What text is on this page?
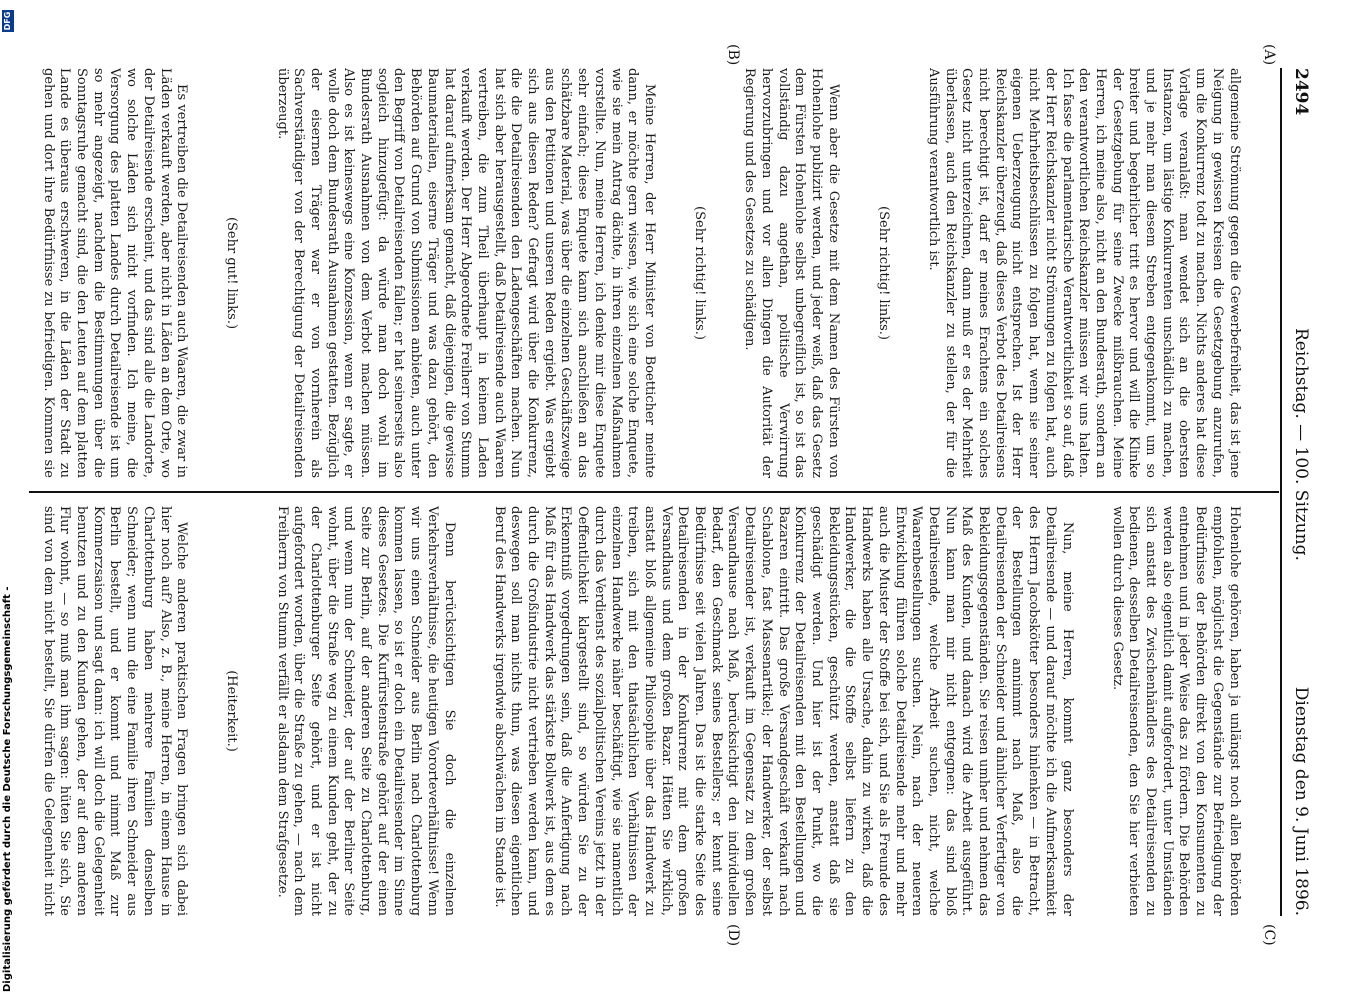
2494
Reichstag. — 100. Sitzung.
Dienstag den 9. Juni 1896.
(A)
(B)
(C)
(D)

allgemeine Strömung gegen die Gewerbefreiheit, das ist jene Neigung in gewissen Kreisen die Gesetzgebung anzurufen, um die Konkurrenz todt zu machen. Nichts anderes hat diese Vorlage veranlaßt: man wendet sich an die obersten Instanzen, um lästige Konkurrenten unschädlich zu machen, und je mehr man diesem Streben entgegenkommt, um so breiter und begehrlicher tritt es hervor und will die Klinke der Gesetzgebung für seine Zwecke mißbrauchen. Meine Herren, ich meine also, nicht an den Bundesrath, sondern an den verantwortlichen Reichskanzler müssen wir uns halten. Ich fasse die parlamentarische Verantwortlichkeit so auf, daß der Herr Reichskanzler nicht Strömungen zu folgen hat, auch nicht Mehrheitsbeschlüssen zu folgen hat, wenn sie seiner eigenen Ueberzeugung nicht entsprechen. Ist der Herr Reichskanzler überzeugt, daß dieses Verbot des Detailreisens nicht berechtigt ist, darf er meines Erachtens ein solches Gesetz nicht unterzeichnen, dann muß er es der Mehrheit überlassen, auch den Reichskanzler zu stellen, der für die Ausführung verantwortlich ist.

(Sehr richtig! links.)

Wenn aber die Gesetze mit dem Namen des Fürsten von Hohenlohe publizirt werden, und jeder weiß, daß das Gesetz dem Fürsten Hohenlohe selbst unbegreiflich ist, so ist das vollständig dazu angethan, politische Verwirrung hervorzubringen und vor allen Dingen die Autorität der Regierung und des Gesetzes zu schädigen.

(Sehr richtig! links.)

Meine Herren, der Herr Minister von Boetticher meinte dann, er möchte gern wissen, wie sich eine solche Enquete, wie sie mein Antrag dächte, in ihren einzelnen Maßnahmen vorstellte. Nun, meine Herren, ich denke mir diese Enquete sehr einfach; diese Enquete kann sich anschließen an das schätzbare Material, was über die einzelnen Geschäftszweige aus den Petitionen und unseren Reden ergiebt. Was ergiebt sich aus diesen Reden? Gefragt wird über die Konkurrenz, die die Detailreisenden den Ladengeschäften machen. Nun hat sich aber herausgestellt, daß Detailreisende auch Waaren vertreiben, die zum Theil überhaupt in keinem Laden verkauft werden. Der Herr Abgeordnete Freiherr von Stumm hat darauf aufmerksam gemacht, daß diejenigen, die gewisse Baumaterialien, eiserne Träger und was dazu gehört, den Behörden auf Grund von Submissionen anbieten, auch unter den Begriff von Detailreisenden fallen; er hat seinerseits also sogleich hinzugefügt: da würde man doch wohl im Bundesrath Ausnahmen von dem Verbot machen müssen. Also es ist keineswegs eine Konzession, wenn er sagte, er wolle doch dem Bundesrath Ausnahmen gestatten. Bezüglich der eisernen Träger war er von vornherein als Sachverständiger von der Berechtigung der Detailreisenden überzeugt.

(Sehr gut! links.)

Es vertreiben die Detailreisenden auch Waaren, die zwar in Läden verkauft werden, aber nicht in Läden an dem Orte, wo der Detailreisende erscheint, und das sind alle die Landorte, wo solche Läden sich nicht vorfinden. Ich meine, die Versorgung des platten Landes durch Detailreisende ist um so mehr angezeigt, nachdem die Bestimmungen über die Sonntagsruhe gemacht sind, die den Leuten auf dem platten Lande es überaus erschweren, in die Läden der Stadt zu gehen und dort ihre Bedürfnisse zu befriedigen. Kommen sie

Hohenlohe gehören, haben ja unlängst noch allen Behörden empfohlen, möglichst die Gegenstände zur Befriedigung der Bedürfnisse der Behörden direkt von den Konsumenten zu entnehmen und in jeder Weise das zu fördern. Die Behörden werden also eigentlich damit aufgefordert, unter Umständen sich anstatt des Zwischenhändlers des Detailreisenden zu bedienen, desselben Detailreisenden, den Sie hier verbieten wollen durch dieses Gesetz.

Nun, meine Herren, kommt ganz besonders der Detailreisende — und darauf möchte ich die Aufmerksamkeit des Herrn Jacobskötter besonders hinlenken — in Betracht, der Bestellungen annimmt nach Maß, also die Detailreisenden der Schneider und ähnlicher Verfertiger von Bekleidungsgegenständen. Sie reisen umher und nehmen das Maß des Kunden, und danach wird die Arbeit ausgeführt. Nun kann man mir nicht entgegnen: das sind bloß Detailreisende, welche Arbeit suchen, nicht, welche Waarenbestellungen suchen. Nein, nach der neueren Entwicklung führen solche Detailreisende mehr und mehr auch die Muster der Stoffe bei sich, und Sie als Freunde des Handwerks haben alle Ursache, dahin zu wirken, daß die Handwerker, die die Stoffe selbst liefern zu den Bekleidungsstücken, geschützt werden, anstatt daß sie geschädigt werden. Und hier ist der Punkt, wo die Konkurrenz der Detailreisenden mit den Bestellungen und Bazaren eintritt. Das große Versandgeschäft verkauft nach Schablone, fast Massenartikel; der Handwerker, der selbst Detailreisender ist, verkauft im Gegensatz zu dem großen Versandhause nach Maß, berücksichtigt den individuellen Bedarf, den Geschmack seines Bestellers; er kennt seine Bedürfnisse seit vielen Jahren. Das ist die starke Seite des Detailreisenden in der Konkurrenz mit dem großen Versandhaus und dem großen Bazar. Hätten Sie wirklich, anstatt bloß allgemeine Philosophie über das Handwerk zu treiben, sich mit den thatsächlichen Verhältnissen der einzelnen Handwerke näher beschäftigt, wie sie namentlich durch das Verdienst des sozialpolitischen Vereins jetzt in der Oeffentlichkeit klargestellt sind, so würden Sie zu der Erkenntniß vorgedrungen sein, daß die Anfertigung nach Maß für das Handwerk das stärkste Bollwerk ist, aus dem es durch die Großindustrie nicht vertrieben werden kann, und deswegen soll man nichts thun, was diesen eigentlichen Beruf des Handwerks irgendwie abschwächen im Stande ist.

Denn berücksichtigen Sie doch die einzelnen Verkehrsverhältnisse, die heutigen Vororteverhältnisse! Wenn wir uns einen Schneider aus Berlin nach Charlottenburg kommen lassen, so ist er doch ein Detailreisender im Sinne dieses Gesetzes. Die Kurfürstenstraße gehört auf der einen Seite zur Berlin, auf der anderen Seite zu Charlottenburg, und wenn nun der Schneider, der auf der Berliner Seite wohnt, über die Straße weg zu einem Kunden geht, der zu der Charlottenburger Seite gehört, und er ist nicht aufgefordert worden, über die Straße zu gehen, — nach dem Freiherrn von Stumm verfällt er alsdann dem Strafgesetze.

(Heiterkeit.)

Welche anderen praktischen Fragen bringen sich dabei hier noch auf? Also, z. B., meine Herren, in einem Hause in Charlottenburg haben mehrere Familien denselben Schneider; wenn nun die eine Familie ihren Schneider aus Berlin bestellt, und er kommt und nimmt Maß zur Kommerzsaison und sagt dann: ich will doch die Gelegenheit benutzen und zu den Kunden gehen, der auf dem anderen Flur wohnt, — so muß man ihm sagen: hüten Sie sich, Sie sind von dem nicht bestellt, Sie dürfen die Gelegenheit nicht

Digitalisierung gefördert durch die Deutsche Forschungsgemeinschaft -
DFG
